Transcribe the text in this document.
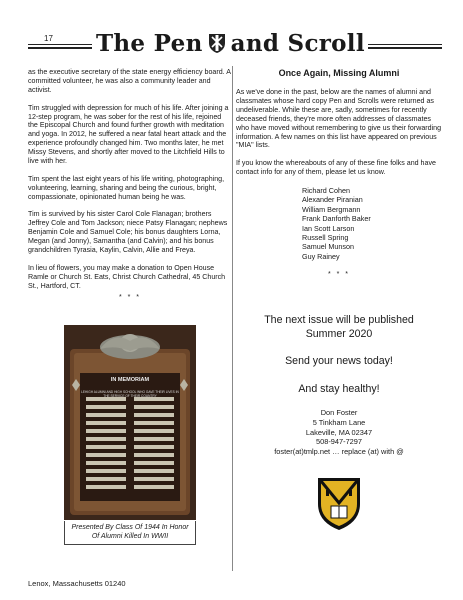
17 The Pen and Scroll

as the executive secretary of the state energy efficiency board. A committed volunteer, he was also a community leader and activist.

Tim struggled with depression for much of his life. After joining a 12-step program, he was sober for the rest of his life, rejoined the Episcopal Church and found further growth with meditation and yoga. In 2012, he suffered a near fatal heart attack and the experience profoundly changed him. Two months later, he met Missy Stevens, and shortly after moved to the Litchfield Hills to live with her.

Tim spent the last eight years of his life writing, photographing, volunteering, learning, sharing and being the curious, bright, compassionate, opinionated human being he was.

Tim is survived by his sister Carol Cole Flanagan; brothers Jeffrey Cole and Tom Jackson; niece Patsy Flanagan; nephews Benjamin Cole and Samuel Cole; his bonus daughters Lorna, Megan (and Jonny), Samantha (and Calvin); and his bonus grandchildren Tyrasia, Kaylin, Calvin, Allie and Freya.

In lieu of flowers, you may make a donation to Open House Ramle or Church St. Eats, Christ Church Cathedral, 45 Church St., Hartford, CT.

* * *
IN MEMORIAM
LEHIGH ALUMNI AND HIGH SCHOOL WHO GAVE THEIR LIVES IN THE SERVICE OF THEIR COUNTRY
Presented By Class Of 1944 In Honor Of Alumni Killed In WWII
Lenox, Massachusetts 01240
Once Again, Missing Alumni

As we've done in the past, below are the names of alumni and classmates whose hard copy Pen and Scrolls were returned as undeliverable. While these are, sadly, sometimes for recently deceased friends, they're more often addresses of classmates who have moved without remembering to give us their forwarding information. A few names on this list have appeared on previous "MIA" lists.

If you know the whereabouts of any of these fine folks and have contact info for any of them, please let us know.

Richard Cohen
Alexander Piranian
William Bergmann
Frank Danforth Baker
Ian Scott Larson
Russell Spring
Samuel Munson
Guy Rainey
* * *
The next issue will be published
Summer 2020
Send your news today!
And stay healthy!
Don Foster
5 Tinkham Lane
Lakeville, MA 02347
508-947-7297
foster(at)tmlp.net … replace (at) with @
